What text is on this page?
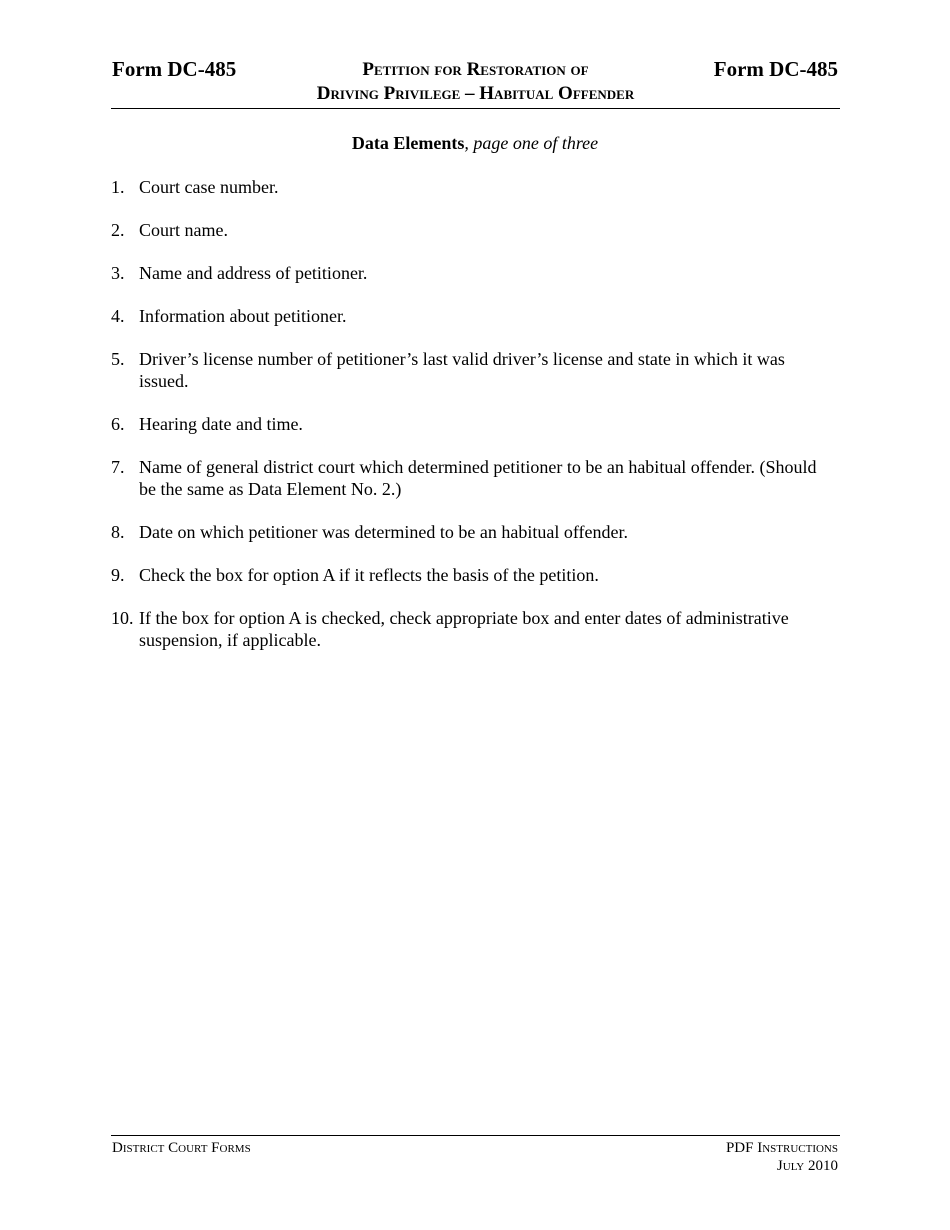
Form DC-485	Petition for Restoration of
Driving Privilege – Habitual Offender
Form DC-485
Data Elements, page one of three
1. Court case number.
2. Court name.
3. Name and address of petitioner.
4. Information about petitioner.
5. Driver’s license number of petitioner’s last valid driver’s license and state in which it was issued.
6. Hearing date and time.
7. Name of general district court which determined petitioner to be an habitual offender. (Should be the same as Data Element No. 2.)
8. Date on which petitioner was determined to be an habitual offender.
9. Check the box for option A if it reflects the basis of the petition.
10. If the box for option A is checked, check appropriate box and enter dates of administrative suspension, if applicable.
District Court Forms	PDF Instructions
July 2010
